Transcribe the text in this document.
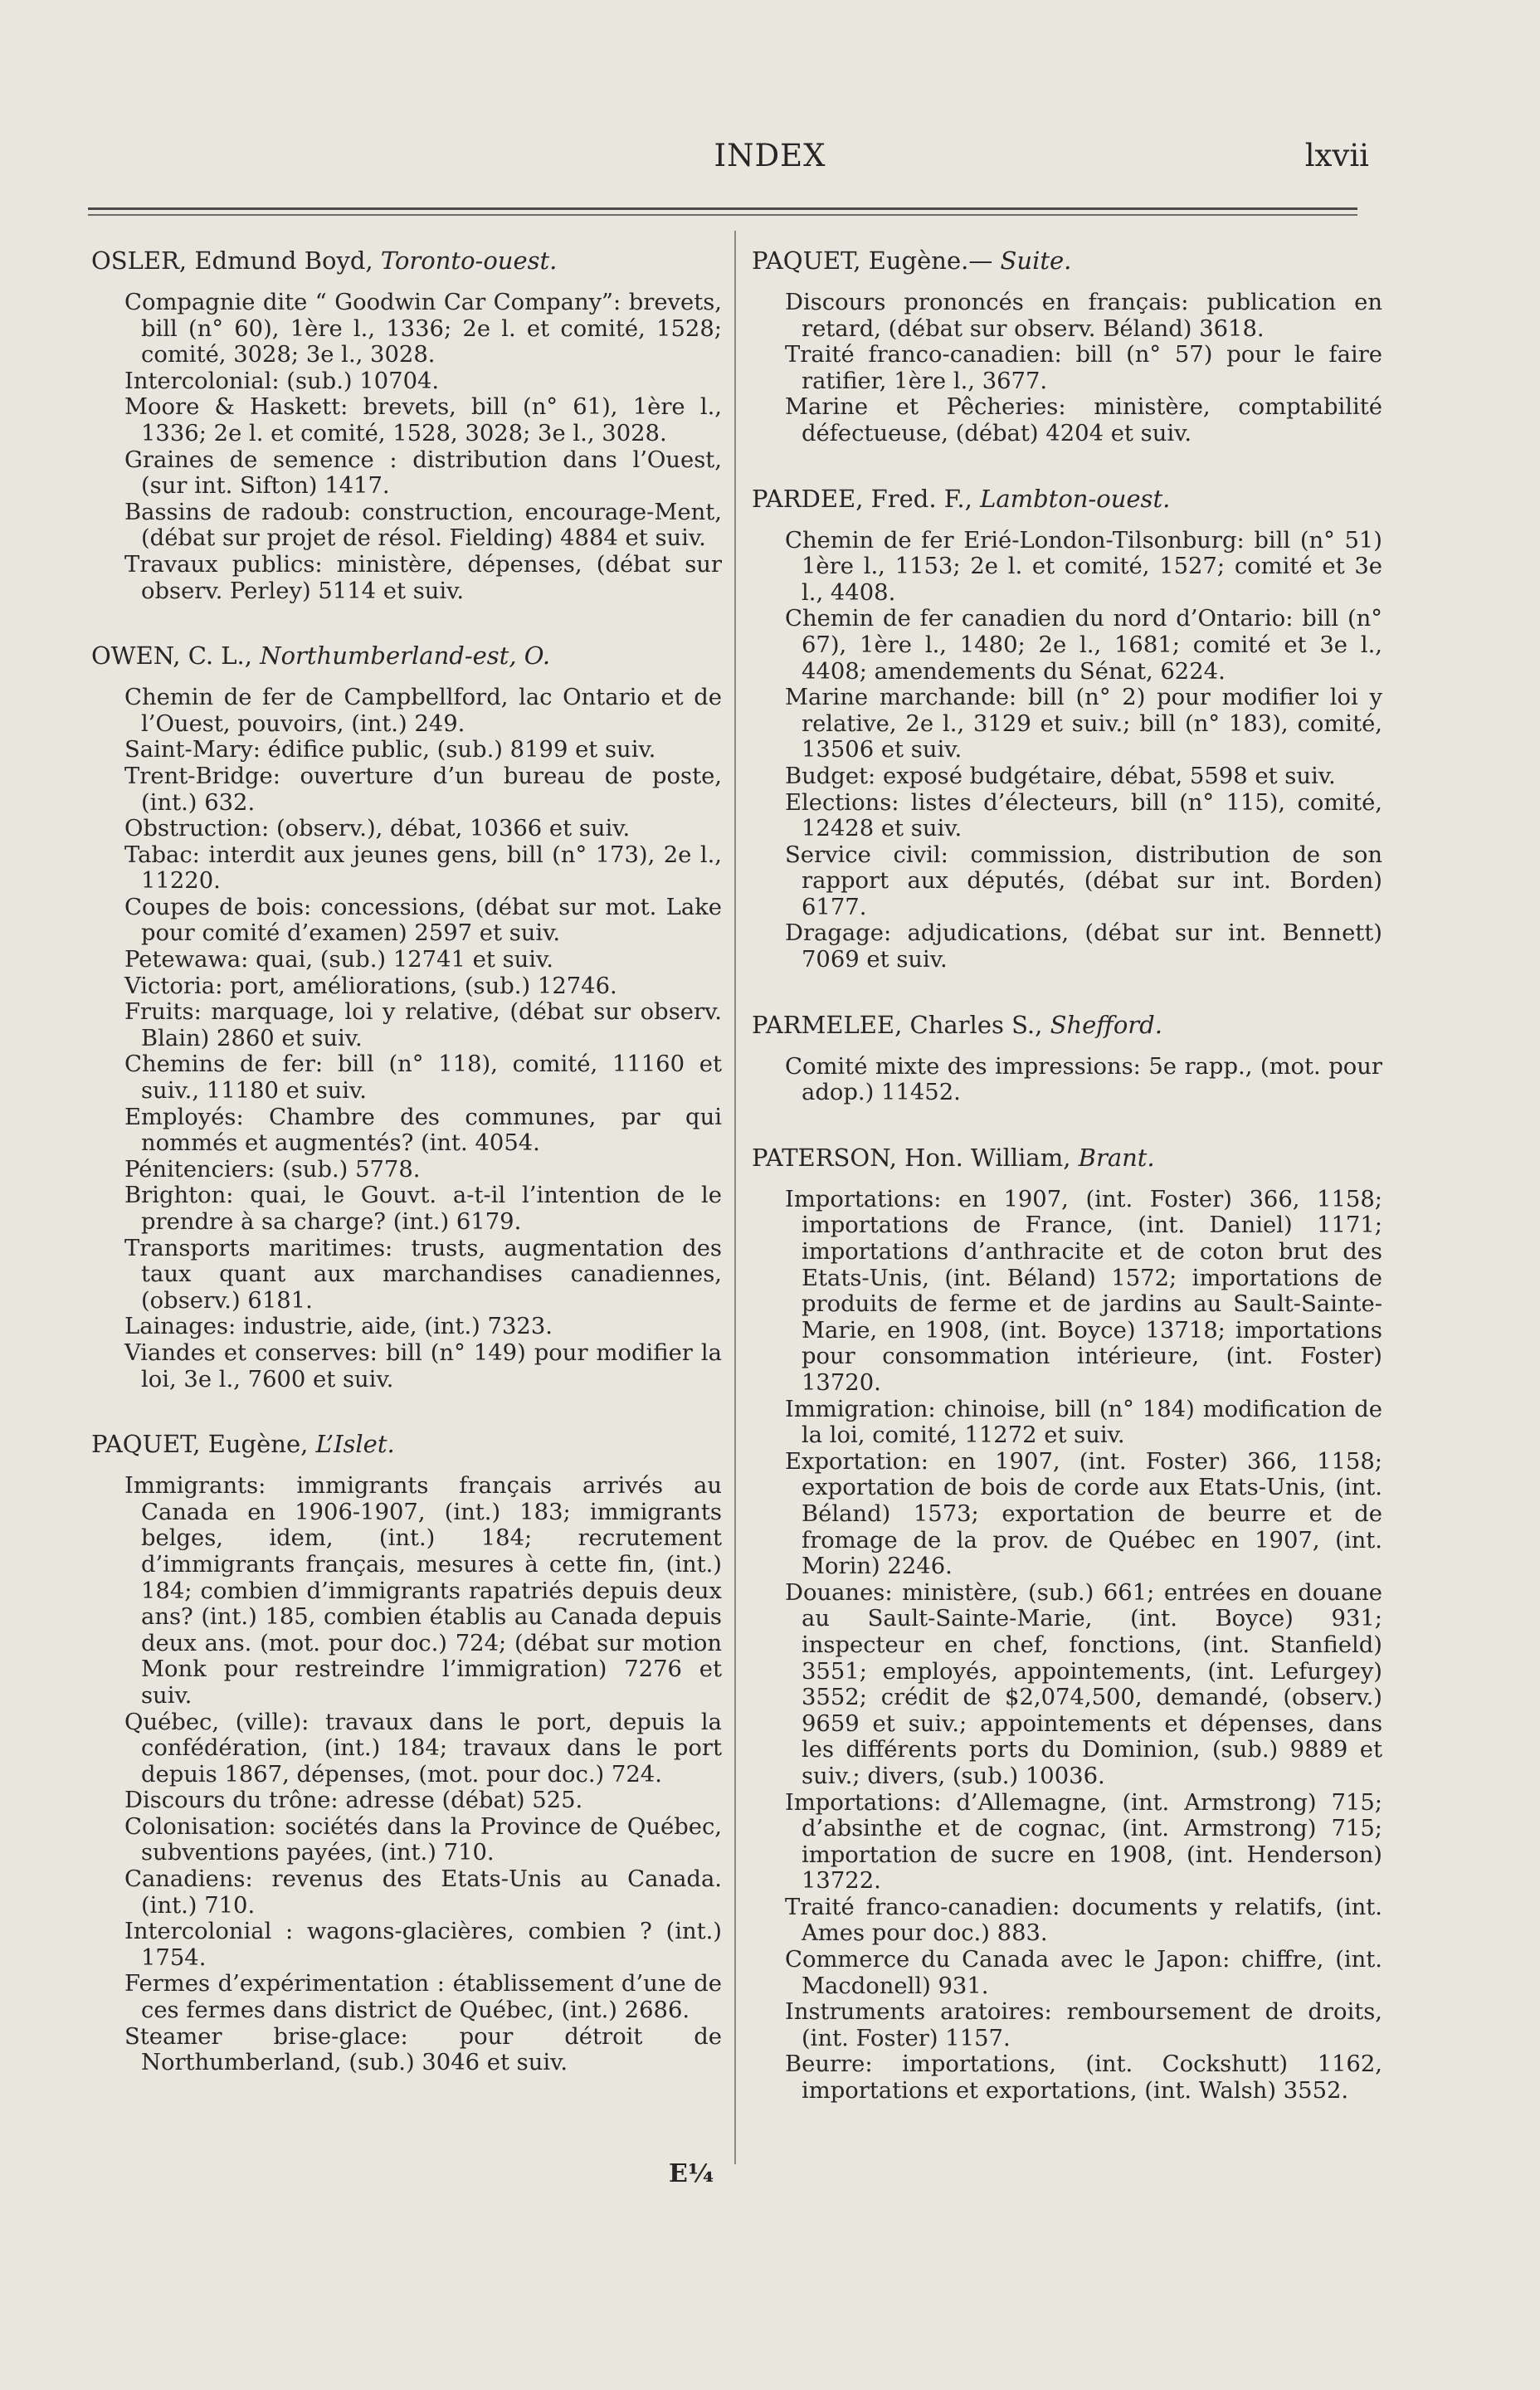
INDEX	lxvii
OSLER, Edmund Boyd, Toronto-ouest.
Compagnie dite “ Goodwin Car Company”: brevets, bill (n° 60), 1ère l., 1336; 2e l. et comité, 1528; comité, 3028; 3e l., 3028.
Intercolonial: (sub.) 10704.
Moore & Haskett: brevets, bill (n° 61), 1ère l., 1336; 2e l. et comité, 1528, 3028; 3e l., 3028.
Graines de semence : distribution dans l’Ouest, (sur int. Sifton) 1417.
Bassins de radoub: construction, encourage-Ment, (débat sur projet de résol. Fielding) 4884 et suiv.
Travaux publics: ministère, dépenses, (débat sur observ. Perley) 5114 et suiv.
OWEN, C. L., Northumberland-est, O.
Chemin de fer de Campbellford, lac Ontario et de l’Ouest, pouvoirs, (int.) 249.
Saint-Mary: édifice public, (sub.) 8199 et suiv.
Trent-Bridge: ouverture d’un bureau de poste, (int.) 632.
Obstruction: (observ.), débat, 10366 et suiv.
Tabac: interdit aux jeunes gens, bill (n° 173), 2e l., 11220.
Coupes de bois: concessions, (débat sur mot. Lake pour comité d’examen) 2597 et suiv.
Petewawa: quai, (sub.) 12741 et suiv.
Victoria: port, améliorations, (sub.) 12746.
Fruits: marquage, loi y relative, (débat sur observ. Blain) 2860 et suiv.
Chemins de fer: bill (n° 118), comité, 11160 et suiv., 11180 et suiv.
Employés: Chambre des communes, par qui nommés et augmentés? (int. 4054.
Pénitenciers: (sub.) 5778.
Brighton: quai, le Gouvt. a-t-il l’intention de le prendre à sa charge? (int.) 6179.
Transports maritimes: trusts, augmentation des taux quant aux marchandises canadiennes, (observ.) 6181.
Lainages: industrie, aide, (int.) 7323.
Viandes et conserves: bill (n° 149) pour modifier la loi, 3e l., 7600 et suiv.
PAQUET, Eugène, L’Islet.
Immigrants: immigrants français arrivés au Canada en 1906-1907, (int.) 183; immigrants belges, idem, (int.) 184; recrutement d’immigrants français, mesures à cette fin, (int.) 184; combien d’immigrants rapatriés depuis deux ans? (int.) 185, combien établis au Canada depuis deux ans. (mot. pour doc.) 724; (débat sur motion Monk pour restreindre l’immigration) 7276 et suiv.
Québec, (ville): travaux dans le port, depuis la confédération, (int.) 184; travaux dans le port depuis 1867, dépenses, (mot. pour doc.) 724.
Discours du trône: adresse (débat) 525.
Colonisation: sociétés dans la Province de Québec, subventions payées, (int.) 710.
Canadiens: revenus des Etats-Unis au Canada. (int.) 710.
Intercolonial : wagons-glacières, combien ? (int.) 1754.
Fermes d’expérimentation : établissement d’une de ces fermes dans district de Québec, (int.) 2686.
Steamer brise-glace: pour détroit de Northumberland, (sub.) 3046 et suiv.
PAQUET, Eugène.— Suite.
Discours prononcés en français: publication en retard, (débat sur observ. Béland) 3618.
Traité franco-canadien: bill (n° 57) pour le faire ratifier, 1ère l., 3677.
Marine et Pêcheries: ministère, comptabilité défectueuse, (débat) 4204 et suiv.
PARDEE, Fred. F., Lambton-ouest.
Chemin de fer Erié-London-Tilsonburg: bill (n° 51) 1ère l., 1153; 2e l. et comité, 1527; comité et 3e l., 4408.
Chemin de fer canadien du nord d’Ontario: bill (n° 67), 1ère l., 1480; 2e l., 1681; comité et 3e l., 4408; amendements du Sénat, 6224.
Marine marchande: bill (n° 2) pour modifier loi y relative, 2e l., 3129 et suiv.; bill (n° 183), comité, 13506 et suiv.
Budget: exposé budgétaire, débat, 5598 et suiv.
Elections: listes d’électeurs, bill (n° 115), comité, 12428 et suiv.
Service civil: commission, distribution de son rapport aux députés, (débat sur int. Borden) 6177.
Dragage: adjudications, (débat sur int. Bennett) 7069 et suiv.
PARMELEE, Charles S., Shefford.
Comité mixte des impressions: 5e rapp., (mot. pour adop.) 11452.
PATERSON, Hon. William, Brant.
Importations: en 1907, (int. Foster) 366, 1158; importations de France, (int. Daniel) 1171; importations d’anthracite et de coton brut des Etats-Unis, (int. Béland) 1572; importations de produits de ferme et de jardins au Sault-Sainte-Marie, en 1908, (int. Boyce) 13718; importations pour consommation intérieure, (int. Foster) 13720.
Immigration: chinoise, bill (n° 184) modification de la loi, comité, 11272 et suiv.
Exportation: en 1907, (int. Foster) 366, 1158; exportation de bois de corde aux Etats-Unis, (int. Béland) 1573; exportation de beurre et de fromage de la prov. de Québec en 1907, (int. Morin) 2246.
Douanes: ministère, (sub.) 661; entrées en douane au Sault-Sainte-Marie, (int. Boyce) 931; inspecteur en chef, fonctions, (int. Stanfield) 3551; employés, appointements, (int. Lefurgey) 3552; crédit de $2,074,500, demandé, (observ.) 9659 et suiv.; appointements et dépenses, dans les différents ports du Dominion, (sub.) 9889 et suiv.; divers, (sub.) 10036.
Importations: d’Allemagne, (int. Armstrong) 715; d’absinthe et de cognac, (int. Armstrong) 715; importation de sucre en 1908, (int. Henderson) 13722.
Traité franco-canadien: documents y relatifs, (int. Ames pour doc.) 883.
Commerce du Canada avec le Japon: chiffre, (int. Macdonell) 931.
Instruments aratoires: remboursement de droits, (int. Foster) 1157.
Beurre: importations, (int. Cockshutt) 1162, importations et exportations, (int. Walsh) 3552.
E¼
